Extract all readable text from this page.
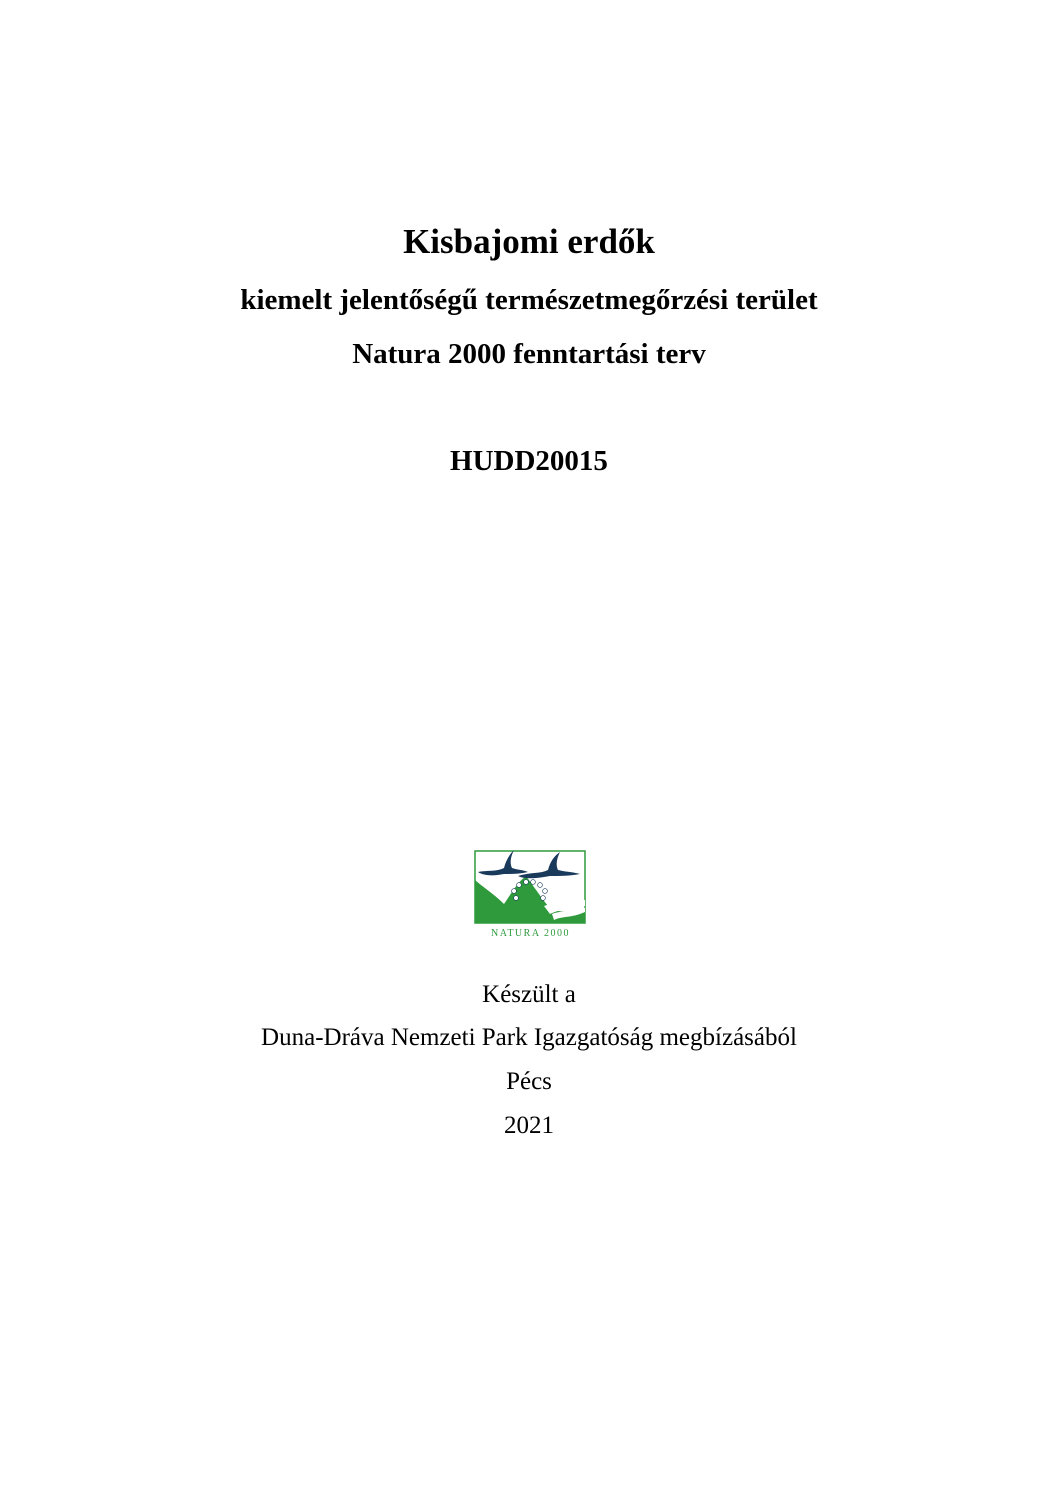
Kisbajomi erdők
kiemelt jelentőségű természetmegőrzési terület
Natura 2000 fenntartási terv
HUDD20015
NATURA 2000
Készült a
Duna-Dráva Nemzeti Park Igazgatóság megbízásából
Pécs
2021
